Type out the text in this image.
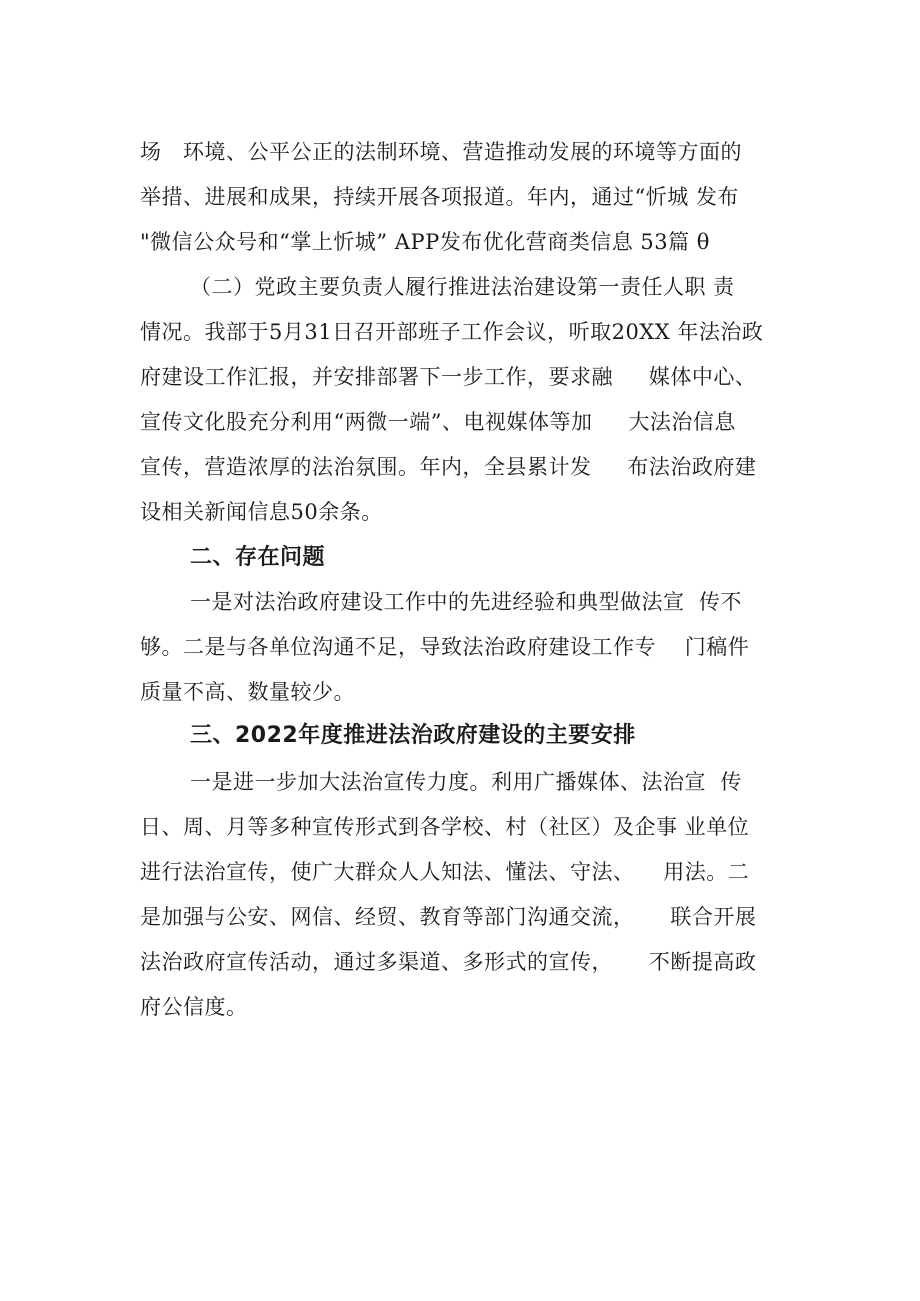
场   环境、公平公正的法制环境、营造推动发展的环境等方面的
举措、进展和成果，持续开展各项报道。年内，通过“忻城 发布
"微信公众号和“掌上忻城” APP发布优化营商类信息 53篇 θ
（二）党政主要负责人履行推进法治建设第一责任人职 责
情况。我部于5月31日召开部班子工作会议，听取20XX 年法治政
府建设工作汇报，并安排部署下一步工作，要求融     媒体中心、
宣传文化股充分利用“两微一端”、电视媒体等加     大法治信息
宣传，营造浓厚的法治氛围。年内，全县累计发     布法治政府建
设相关新闻信息50余条。
二、存在问题
一是对法治政府建设工作中的先进经验和典型做法宣  传不
够。二是与各单位沟通不足，导致法治政府建设工作专    门稿件
质量不高、数量较少。
三、2022年度推进法治政府建设的主要安排
一是进一步加大法治宣传力度。利用广播媒体、法治宣  传
日、周、月等多种宣传形式到各学校、村（社区）及企事 业单位
进行法治宣传，使广大群众人人知法、懂法、守法、    用法。二
是加强与公安、网信、经贸、教育等部门沟通交流，     联合开展
法治政府宣传活动，通过多渠道、多形式的宣传，     不断提高政
府公信度。
